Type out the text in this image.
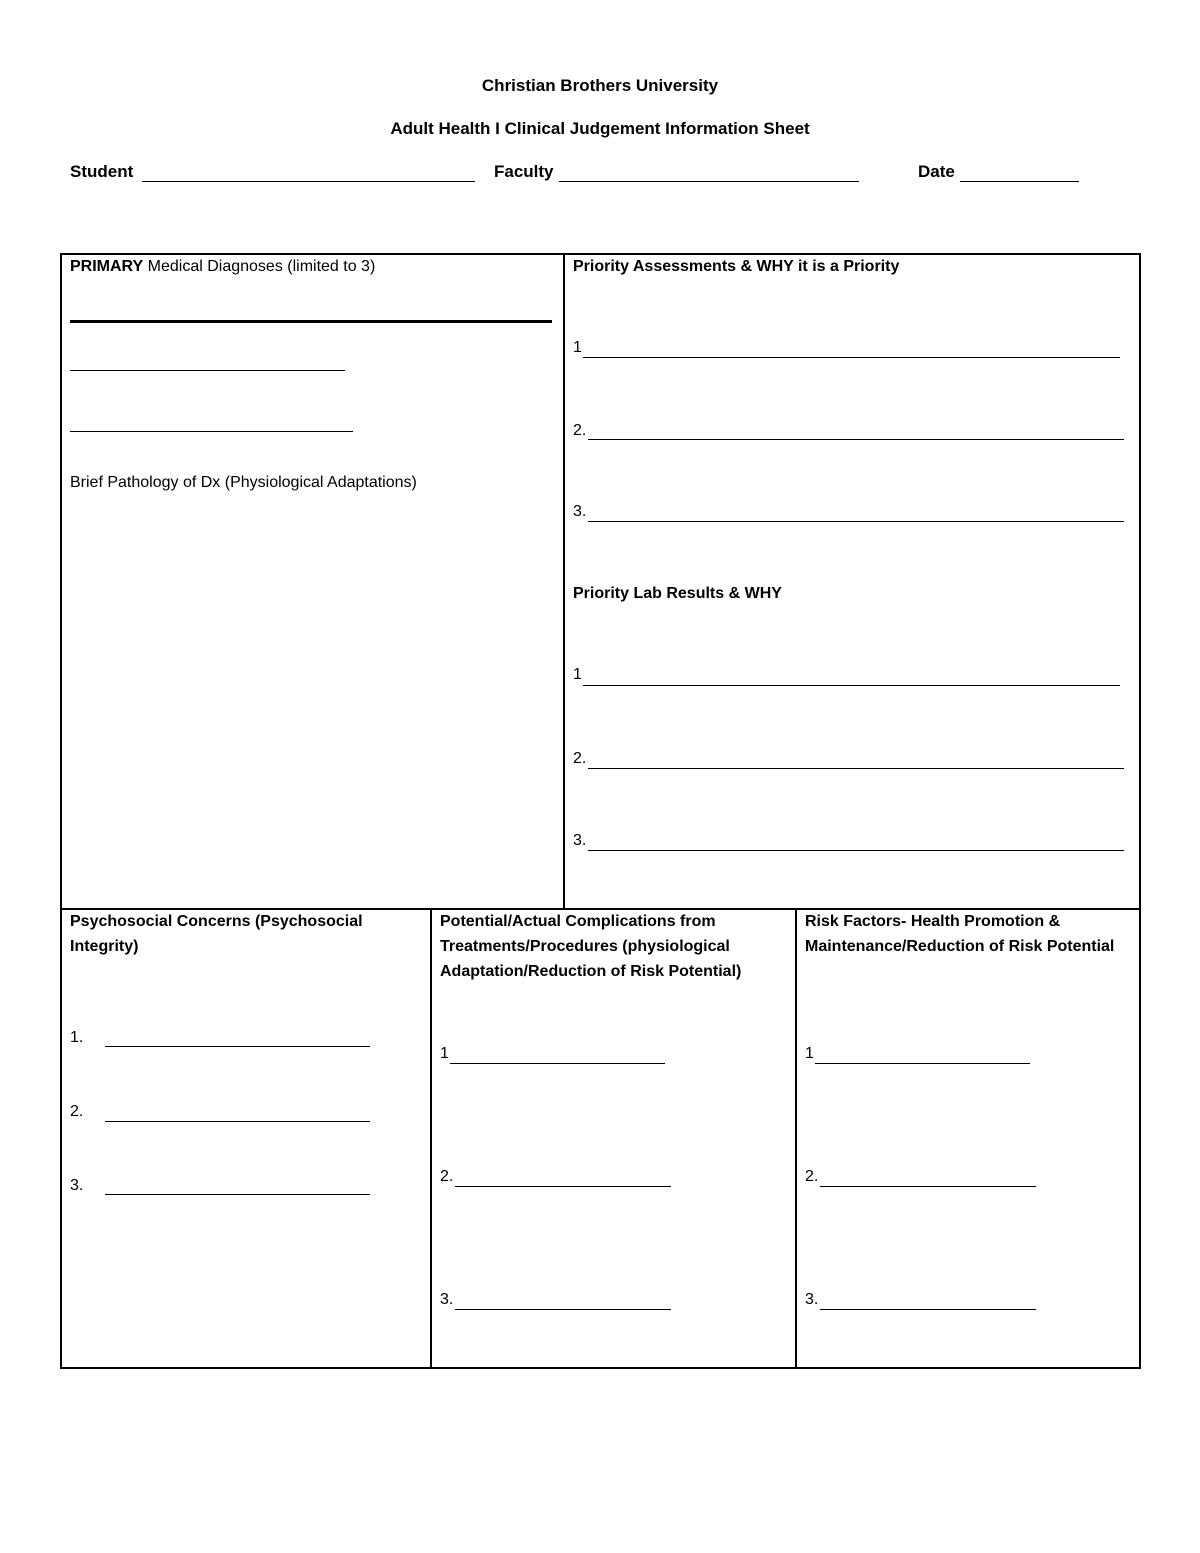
Christian Brothers University
Adult Health I Clinical Judgement Information Sheet
Student	Faculty	Date
PRIMARY Medical Diagnoses (limited to 3)
Brief Pathology of Dx (Physiological Adaptations)
Priority Assessments & WHY it is a Priority
1
2.
3.
Priority Lab Results & WHY
1
2.
3.
Psychosocial Concerns (Psychosocial Integrity)
1.
2.
3.
Potential/Actual Complications from Treatments/Procedures (physiological Adaptation/Reduction of Risk Potential)
1
2.
3.
Risk Factors- Health Promotion & Maintenance/Reduction of Risk Potential
1
2.
3.
